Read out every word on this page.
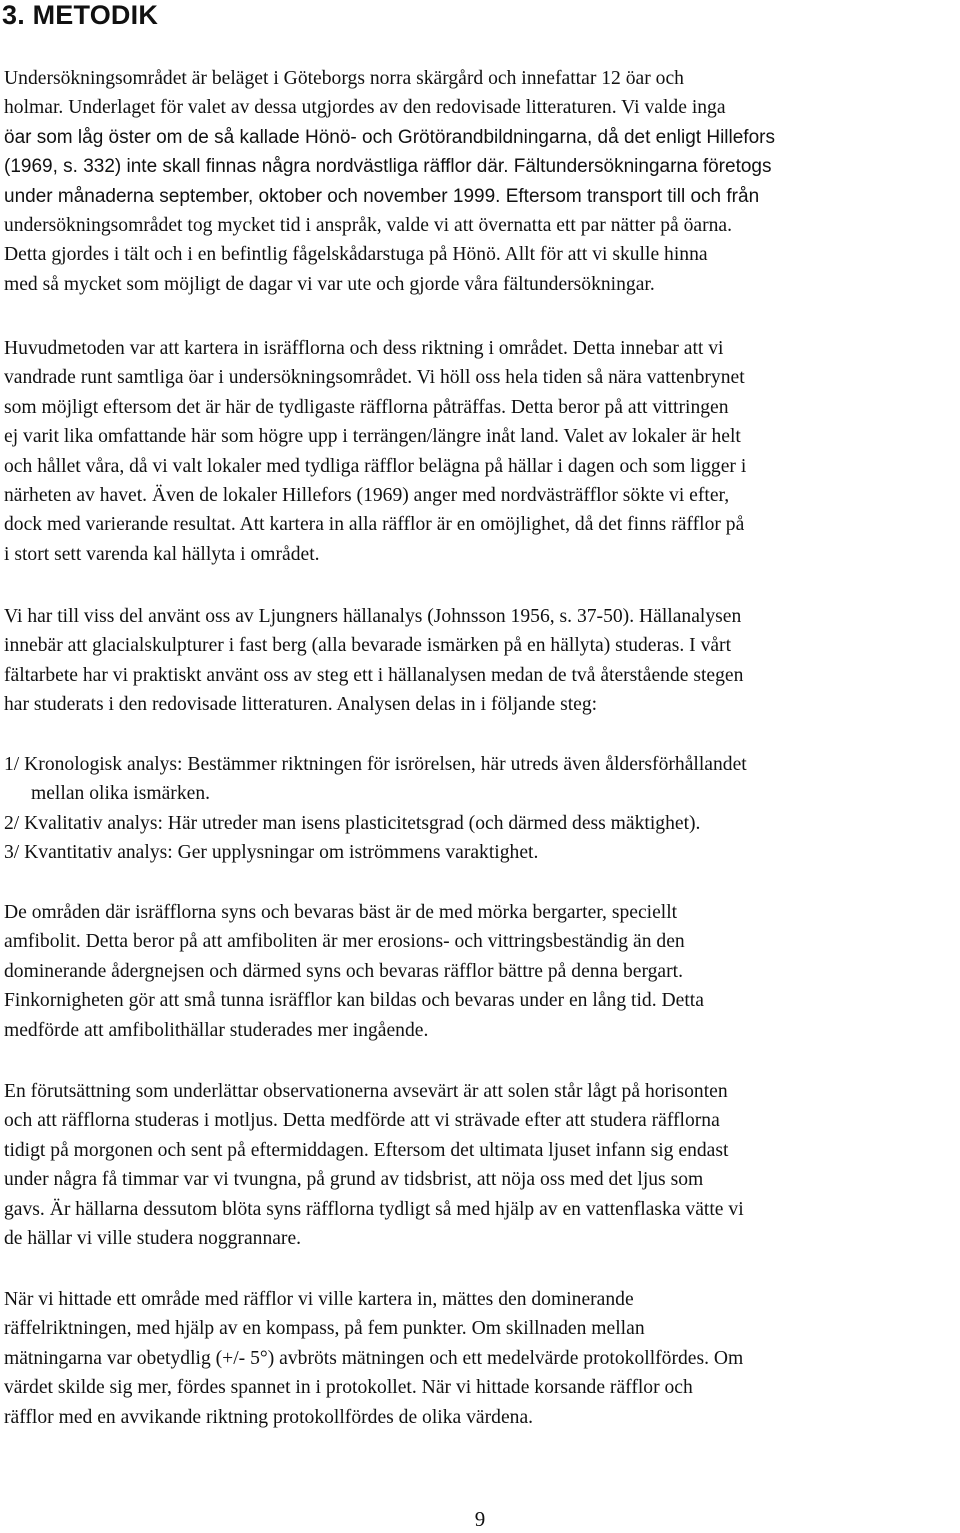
3. METODIK
Undersökningsområdet är beläget i Göteborgs norra skärgård och innefattar 12 öar och
holmar. Underlaget för valet av dessa utgjordes av den redovisade litteraturen. Vi valde inga
öar som låg öster om de så kallade Hönö- och Grötörandbildningarna, då det enligt Hillefors
(1969, s. 332) inte skall finnas några nordvästliga räfflor där. Fältundersökningarna företogs
under månaderna september, oktober och november 1999. Eftersom transport till och från
undersökningsområdet tog mycket tid i anspråk, valde vi att övernatta ett par nätter på öarna.
Detta gjordes i tält och i en befintlig fågelskådarstuga på Hönö. Allt för att vi skulle hinna
med så mycket som möjligt de dagar vi var ute och gjorde våra fältundersökningar.
Huvudmetoden var att kartera in isräfflorna och dess riktning i området. Detta innebar att vi
vandrade runt samtliga öar i undersökningsområdet. Vi höll oss hela tiden så nära vattenbrynet
som möjligt eftersom det är här de tydligaste räfflorna påträffas. Detta beror på att vittringen
ej varit lika omfattande här som högre upp i terrängen/längre inåt land. Valet av lokaler är helt
och hållet våra, då vi valt lokaler med tydliga räfflor belägna på hällar i dagen och som ligger i
närheten av havet. Även de lokaler Hillefors (1969) anger med nordvästräfflor sökte vi efter,
dock med varierande resultat. Att kartera in alla räfflor är en omöjlighet, då det finns räfflor på
i stort sett varenda kal hällyta i området.
Vi har till viss del använt oss av Ljungners hällanalys (Johnsson 1956, s. 37-50). Hällanalysen
innebär att glacialskulpturer i fast berg (alla bevarade ismärken på en hällyta) studeras. I vårt
fältarbete har vi praktiskt använt oss av steg ett i hällanalysen medan de två återstående stegen
har studerats i den redovisade litteraturen. Analysen delas in i följande steg:
1/ Kronologisk analys: Bestämmer riktningen för isrörelsen, här utreds även åldersförhållandet
mellan olika ismärken.
2/ Kvalitativ analys: Här utreder man isens plasticitetsgrad (och därmed dess mäktighet).
3/ Kvantitativ analys: Ger upplysningar om iströmmens varaktighet.
De områden där isräfflorna syns och bevaras bäst är de med mörka bergarter, speciellt
amfibolit. Detta beror på att amfiboliten är mer erosions- och vittringsbeständig än den
dominerande ådergnejsen och därmed syns och bevaras räfflor bättre på denna bergart.
Finkornigheten gör att små tunna isräfflor kan bildas och bevaras under en lång tid. Detta
medförde att amfibolithällar studerades mer ingående.
En förutsättning som underlättar observationerna avsevärt är att solen står lågt på horisonten
och att räfflorna studeras i motljus. Detta medförde att vi strävade efter att studera räfflorna
tidigt på morgonen och sent på eftermiddagen. Eftersom det ultimata ljuset infann sig endast
under några få timmar var vi tvungna, på grund av tidsbrist, att nöja oss med det ljus som
gavs. Är hällarna dessutom blöta syns räfflorna tydligt så med hjälp av en vattenflaska vätte vi
de hällar vi ville studera noggrannare.
När vi hittade ett område med räfflor vi ville kartera in, mättes den dominerande
räffelriktningen, med hjälp av en kompass, på fem punkter. Om skillnaden mellan
mätningarna var obetydlig (+/- 5°) avbröts mätningen och ett medelvärde protokollfördes. Om
värdet skilde sig mer, fördes spannet in i protokollet. När vi hittade korsande räfflor och
räfflor med en avvikande riktning protokollfördes de olika värdena.
9
